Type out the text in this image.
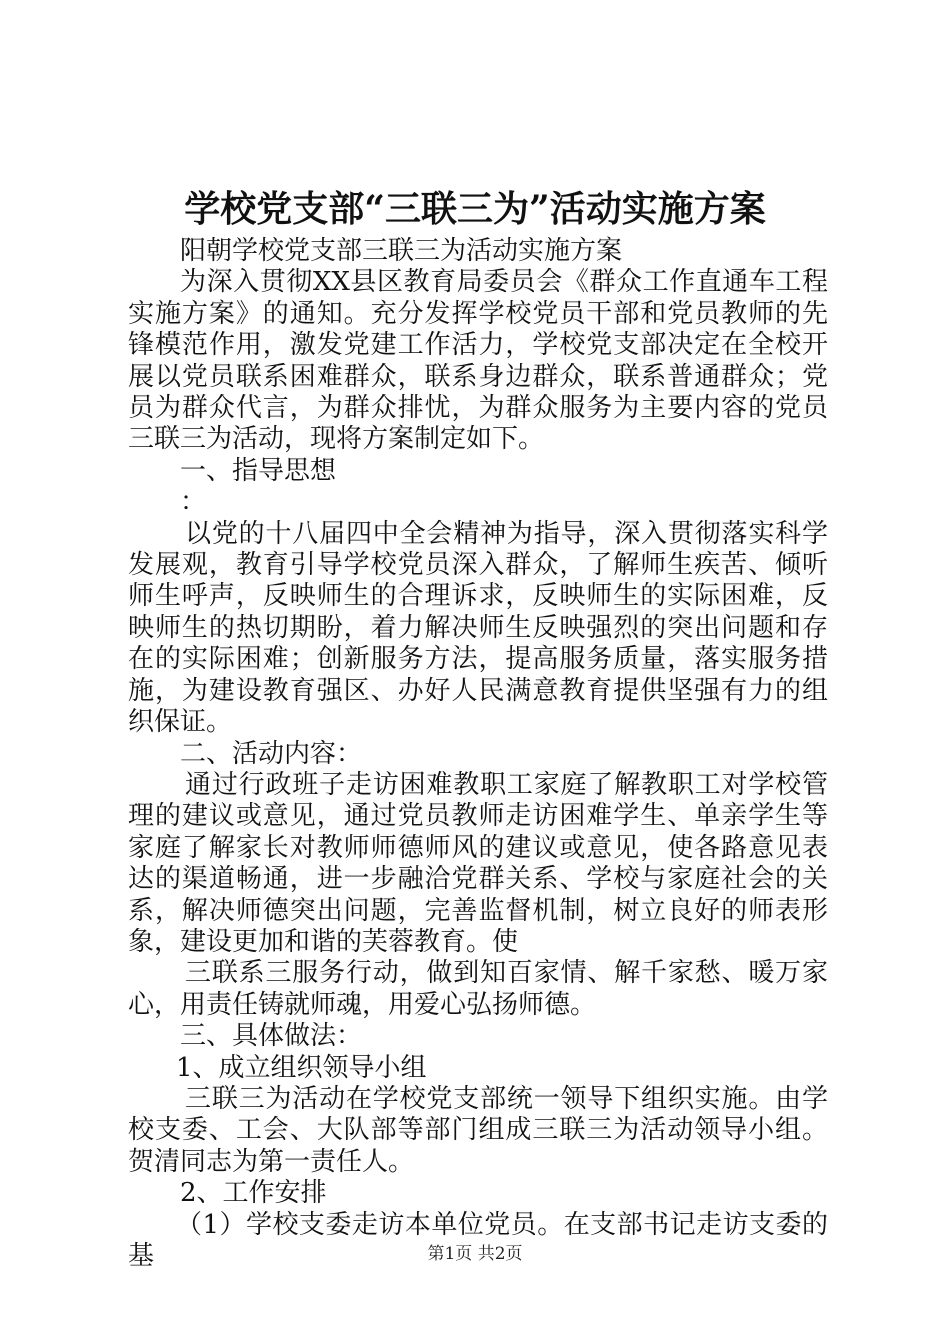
学校党支部“三联三为”活动实施方案

阳朝学校党支部三联三为活动实施方案

为深入贯彻XX县区教育局委员会《群众工作直通车工程实施方案》的通知。充分发挥学校党员干部和党员教师的先锋模范作用，激发党建工作活力，学校党支部决定在全校开展以党员联系困难群众，联系身边群众，联系普通群众；党员为群众代言，为群众排忧，为群众服务为主要内容的党员三联三为活动，现将方案制定如下。

一、指导思想

：

以党的十八届四中全会精神为指导，深入贯彻落实科学发展观，教育引导学校党员深入群众，了解师生疾苦、倾听师生呼声，反映师生的合理诉求，反映师生的实际困难，反映师生的热切期盼，着力解决师生反映强烈的突出问题和存在的实际困难；创新服务方法，提高服务质量，落实服务措施，为建设教育强区、办好人民满意教育提供坚强有力的组织保证。

二、活动内容：

通过行政班子走访困难教职工家庭了解教职工对学校管理的建议或意见，通过党员教师走访困难学生、单亲学生等家庭了解家长对教师师德师风的建议或意见，使各路意见表达的渠道畅通，进一步融洽党群关系、学校与家庭社会的关系，解决师德突出问题，完善监督机制，树立良好的师表形象，建设更加和谐的芙蓉教育。使

三联系三服务行动，做到知百家情、解千家愁、暖万家心，用责任铸就师魂，用爱心弘扬师德。

三、具体做法：

1、成立组织领导小组

三联三为活动在学校党支部统一领导下组织实施。由学校支委、工会、大队部等部门组成三联三为活动领导小组。贺清同志为第一责任人。

2、工作安排

（1）学校支委走访本单位党员。在支部书记走访支委的基	第1页 共2页
